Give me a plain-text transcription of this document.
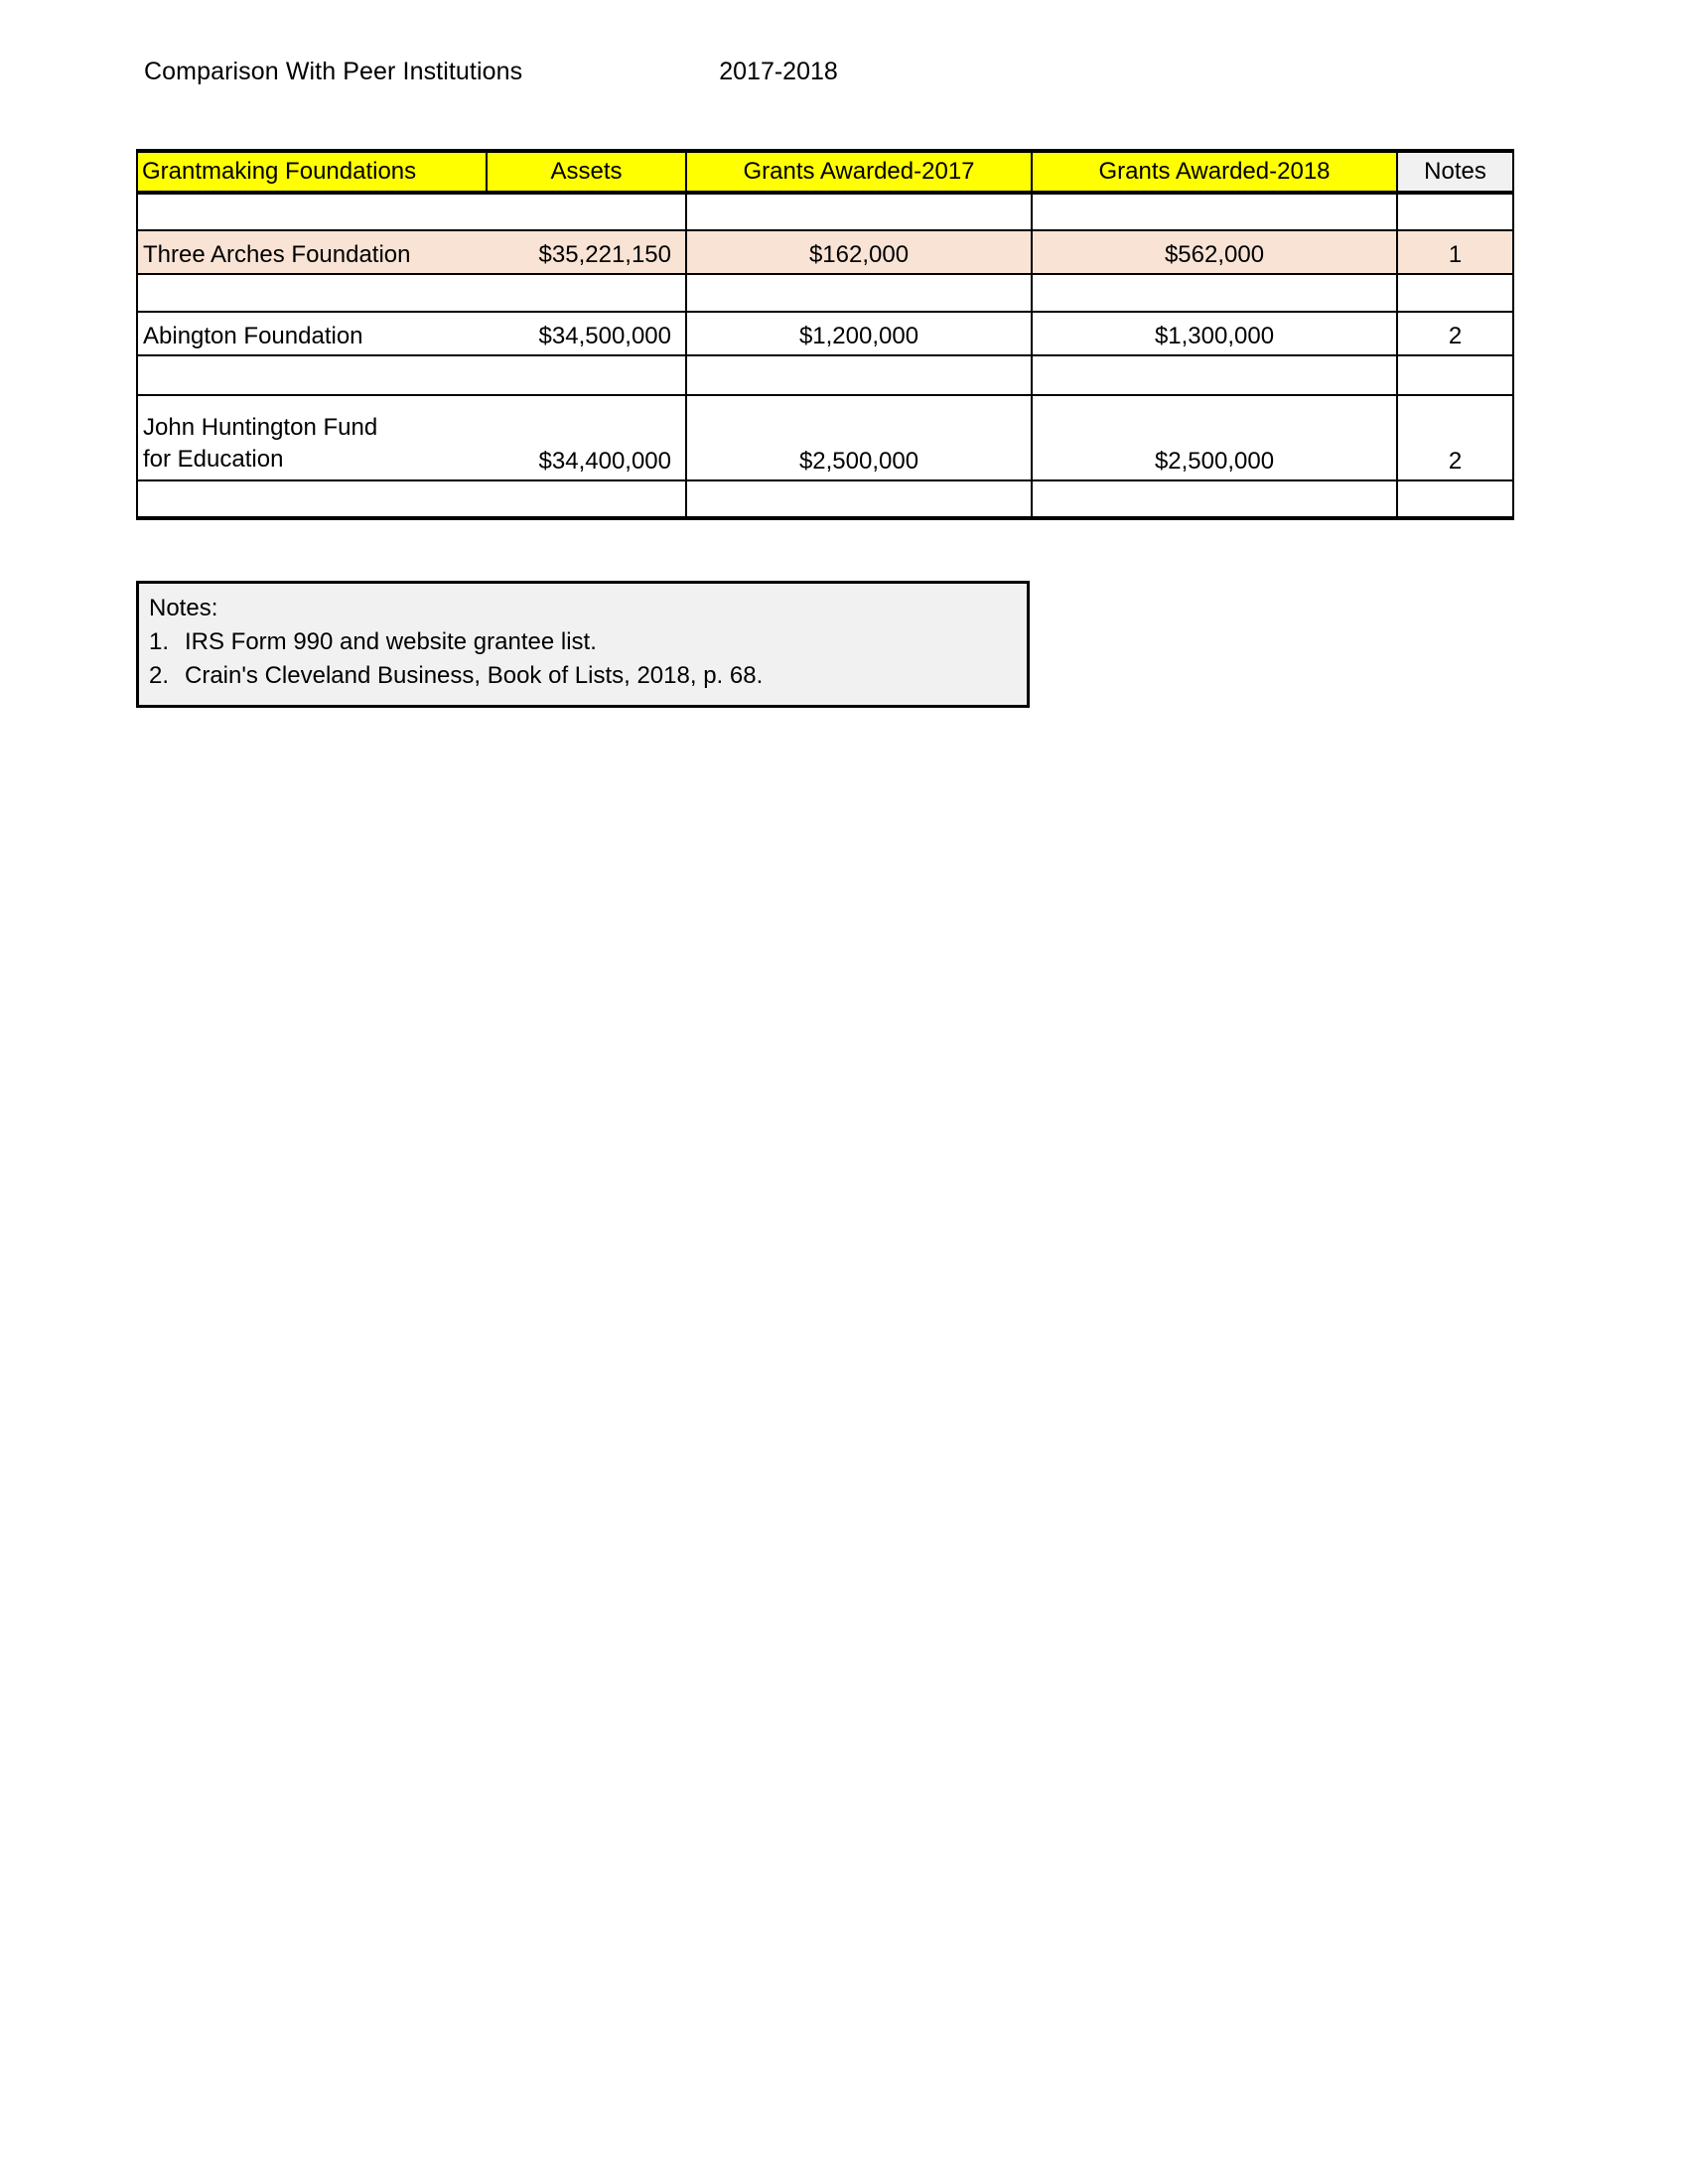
Comparison With Peer Institutions	2017-2018
Grantmaking Foundations	Assets	Grants Awarded-2017	Grants Awarded-2018	Notes

Three Arches Foundation	$35,221,150	$162,000	$562,000	1

Abington Foundation	$34,500,000	$1,200,000	$1,300,000	2

John Huntington Fund
for Education	$34,400,000	$2,500,000	$2,500,000	2

Notes:
1. IRS Form 990 and website grantee list.
2. Crain's Cleveland Business, Book of Lists, 2018, p. 68.
